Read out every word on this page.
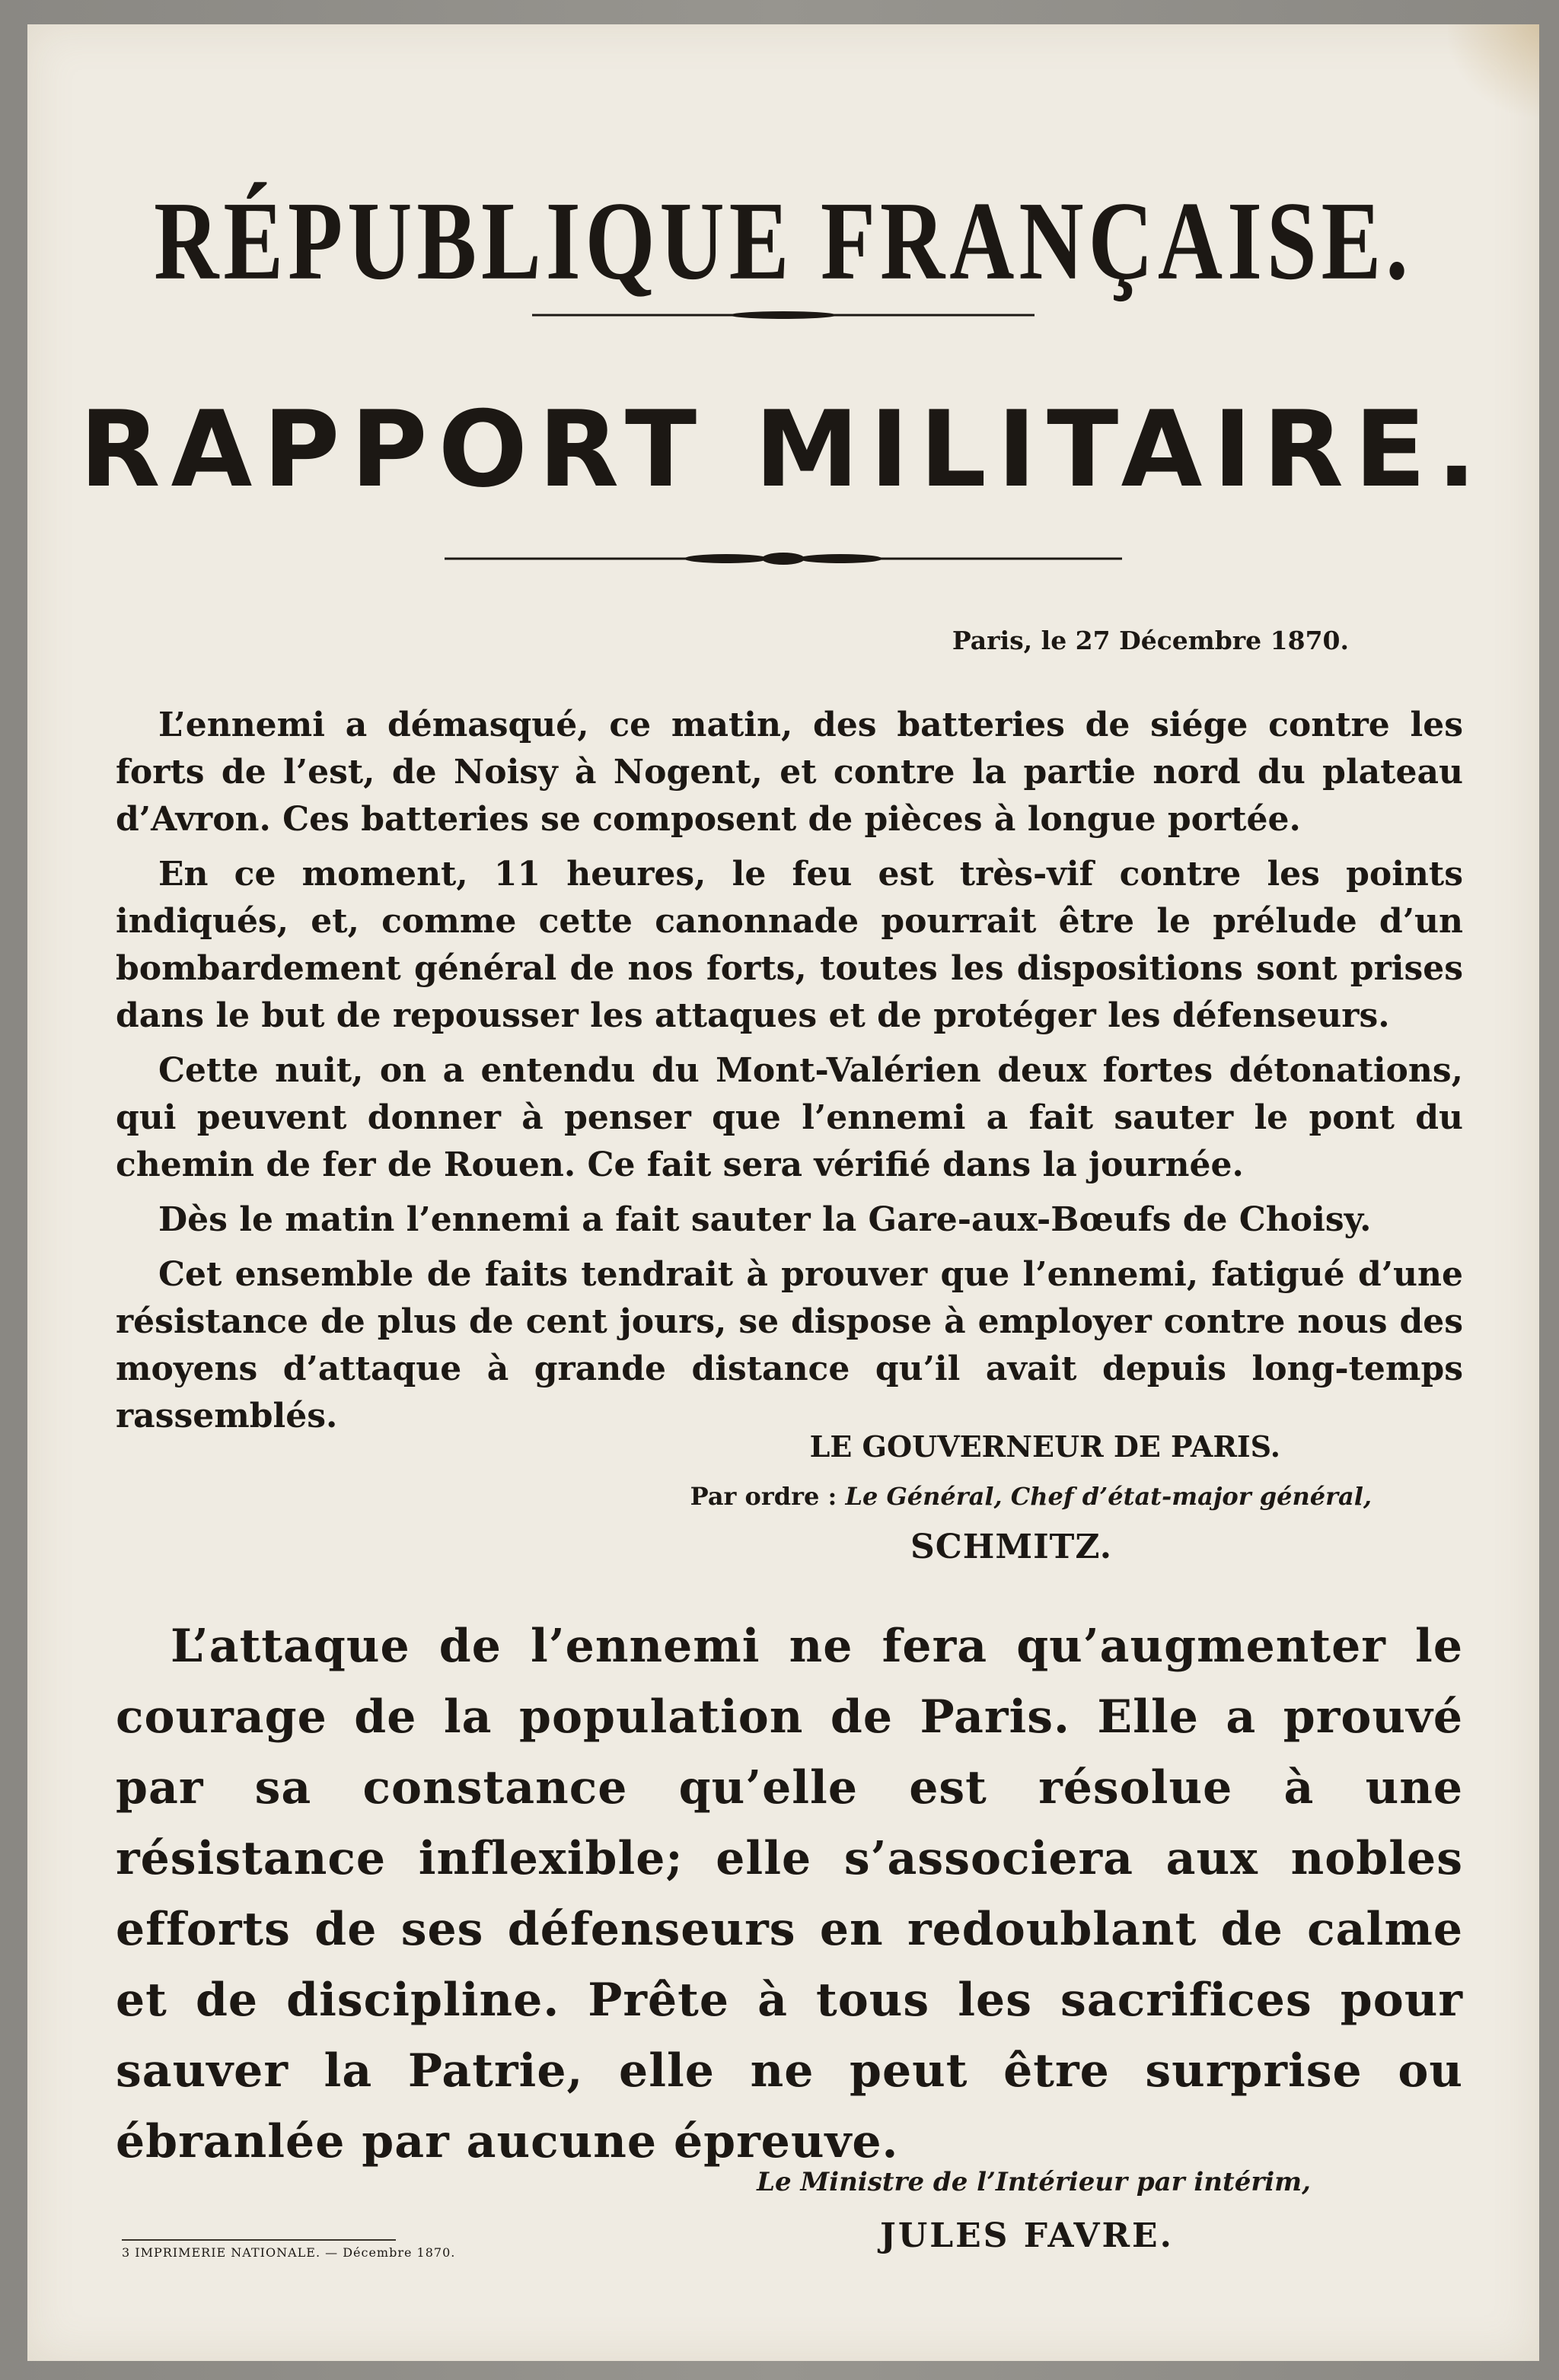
RÉPUBLIQUE FRANÇAISE.
RAPPORT MILITAIRE.
Paris, le 27 Décembre 1870.

L’ennemi a démasqué, ce matin, des batteries de siége contre les forts de l’est, de Noisy à Nogent, et contre la partie nord du plateau d’Avron. Ces batteries se composent de pièces à longue portée.

En ce moment, 11 heures, le feu est très-vif contre les points indiqués, et, comme cette canonnade pourrait être le prélude d’un bombardement général de nos forts, toutes les dispositions sont prises dans le but de repousser les attaques et de protéger les défenseurs.

Cette nuit, on a entendu du Mont-Valérien deux fortes détonations, qui peuvent donner à penser que l’ennemi a fait sauter le pont du chemin de fer de Rouen. Ce fait sera vérifié dans la journée.

Dès le matin l’ennemi a fait sauter la Gare-aux-Bœufs de Choisy.

Cet ensemble de faits tendrait à prouver que l’ennemi, fatigué d’une résistance de plus de cent jours, se dispose à employer contre nous des moyens d’attaque à grande distance qu’il avait depuis long-temps rassemblés.

LE GOUVERNEUR DE PARIS.
Par ordre : Le Général, Chef d’état-major général,
SCHMITZ.
L’attaque de l’ennemi ne fera qu’augmenter le courage de la population de Paris. Elle a prouvé par sa constance qu’elle est résolue à une résistance inflexible; elle s’associera aux nobles efforts de ses défenseurs en redoublant de calme et de discipline. Prête à tous les sacrifices pour sauver la Patrie, elle ne peut être surprise ou ébranlée par aucune épreuve.
Le Ministre de l’Intérieur par intérim,
JULES FAVRE.
3 IMPRIMERIE NATIONALE. — Décembre 1870.
